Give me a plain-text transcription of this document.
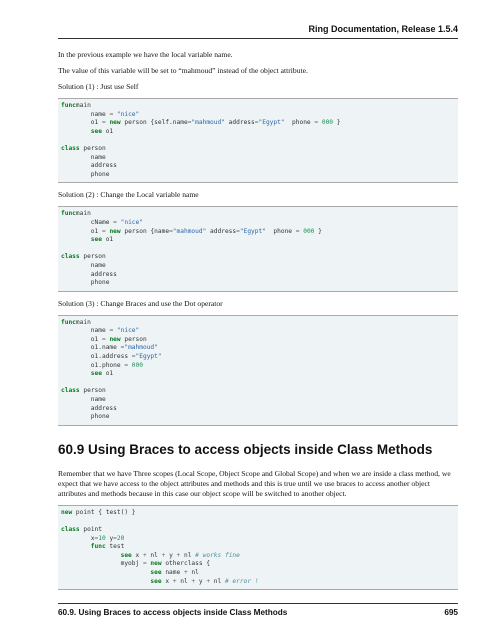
Ring Documentation, Release 1.5.4

In the previous example we have the local variable name.

The value of this variable will be set to “mahmoud” instead of the object attribute.

Solution (1) : Just use Self

funcmain
name = "nice"
o1 = new person {self.name="mahmoud" address="Egypt"  phone = 000 }
see o1

class person
name
address
phone

Solution (2) : Change the Local variable name

funcmain
cName = "nice"
o1 = new person {name="mahmoud" address="Egypt"  phone = 000 }
see o1

class person
name
address
phone

Solution (3) : Change Braces and use the Dot operator

funcmain
name = "nice"
o1 = new person
o1.name ="mahmoud"
o1.address ="Egypt"
o1.phone = 000
see o1

class person
name
address
phone
60.9 Using Braces to access objects inside Class Methods

Remember that we have Three scopes (Local Scope, Object Scope and Global Scope) and when we are inside a class method, we expect that we have access to the object attributes and methods and this is true until we use braces to access another object attributes and methods because in this case our object scope will be switched to another object.

new point { test() }

class point
x=10 y=20
func test
see x + nl + y + nl # works fine
myobj = new otherclass {
see name + nl
see x + nl + y + nl # error !
60.9. Using Braces to access objects inside Class Methods	695
